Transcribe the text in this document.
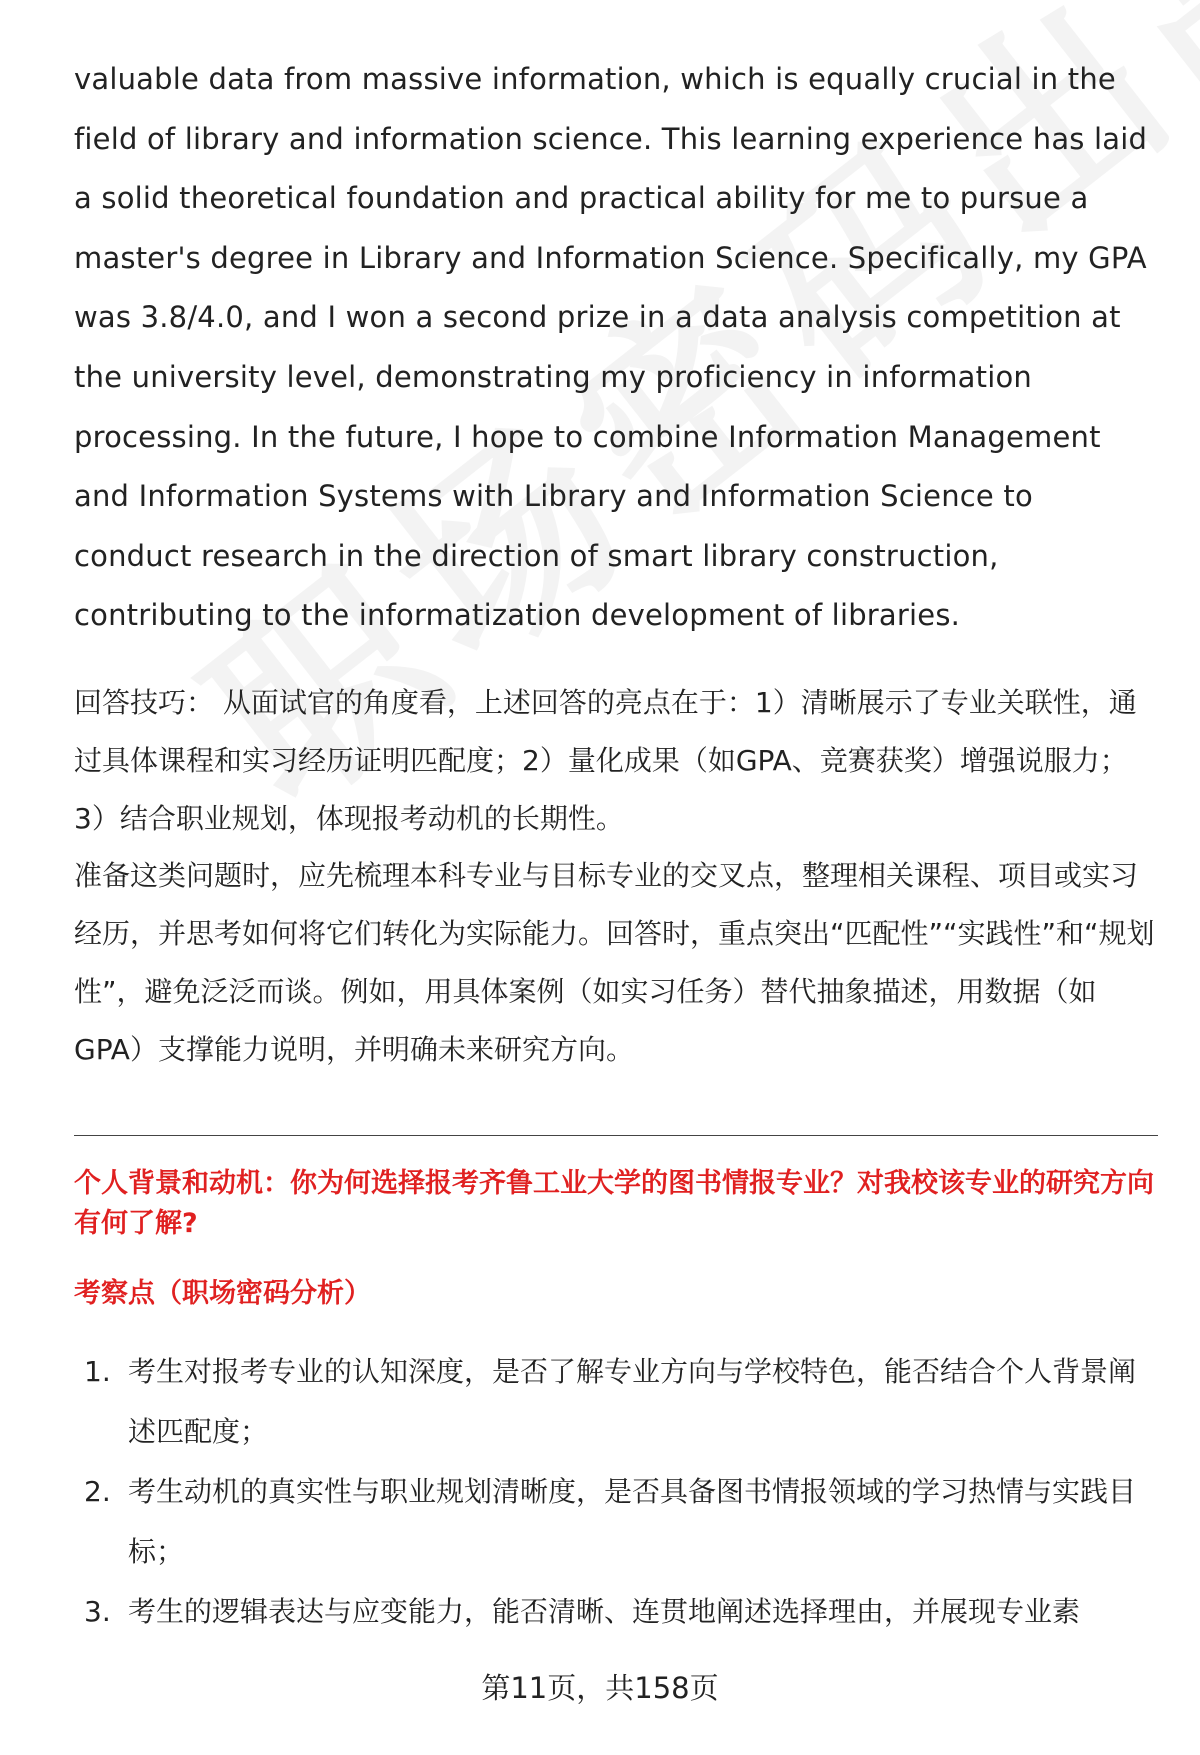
valuable data from massive information, which is equally crucial in the field of library and information science. This learning experience has laid a solid theoretical foundation and practical ability for me to pursue a master's degree in Library and Information Science. Specifically, my GPA was 3.8/4.0, and I won a second prize in a data analysis competition at the university level, demonstrating my proficiency in information processing. In the future, I hope to combine Information Management and Information Systems with Library and Information Science to conduct research in the direction of smart library construction, contributing to the informatization development of libraries.

回答技巧： 从面试官的角度看，上述回答的亮点在于：1）清晰展示了专业关联性，通过具体课程和实习经历证明匹配度；2）量化成果（如GPA、竞赛获奖）增强说服力；3）结合职业规划，体现报考动机的长期性。

准备这类问题时，应先梳理本科专业与目标专业的交叉点，整理相关课程、项目或实习经历，并思考如何将它们转化为实际能力。回答时，重点突出“匹配性”“实践性”和“规划性”，避免泛泛而谈。例如，用具体案例（如实习任务）替代抽象描述，用数据（如GPA）支撑能力说明，并明确未来研究方向。

个人背景和动机：你为何选择报考齐鲁工业大学的图书情报专业？对我校该专业的研究方向有何了解?

考察点（职场密码分析）

1. 考生对报考专业的认知深度，是否了解专业方向与学校特色，能否结合个人背景阐述匹配度；
2. 考生动机的真实性与职业规划清晰度，是否具备图书情报领域的学习热情与实践目标；
3. 考生的逻辑表达与应变能力，能否清晰、连贯地阐述选择理由，并展现专业素
第11页，共158页
